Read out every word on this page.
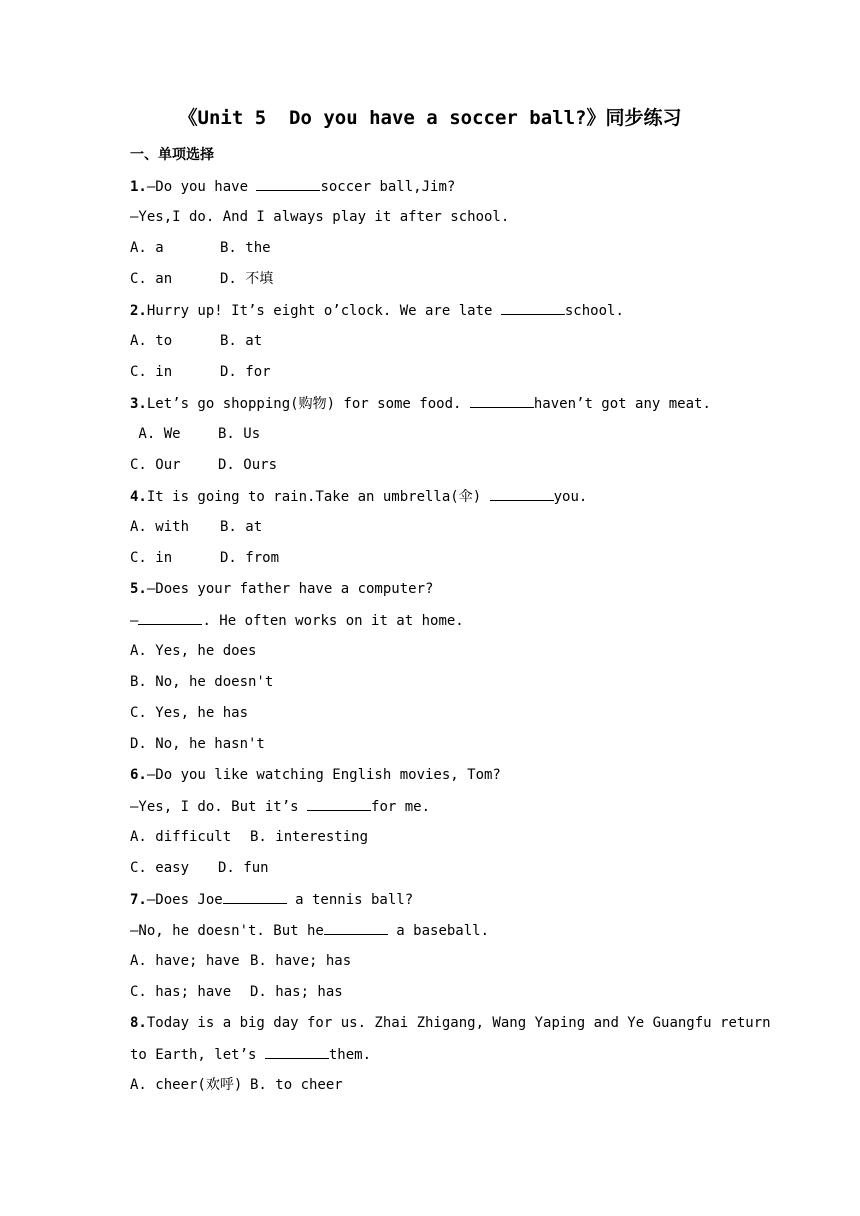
《Unit 5  Do you have a soccer ball?》同步练习
一、单项选择
1.—Do you have	soccer ball,Jim?
—Yes,I do. And I always play it after school.
A. a	B. the
C. an	D. 不填
2.Hurry up! It’s eight o’clock. We are late	school.
A. to	B. at
C. in	D. for
3.Let’s go shopping(购物) for some food.	haven’t got any meat.
A. We	B. Us
C. Our	D. Ours
4.It is going to rain.Take an umbrella(伞)	you.
A. with B. at
C. in	D. from
5.—Does your father have a computer?
—	. He often works on it at home.
A. Yes, he does
B. No, he doesn't
C. Yes, he has
D. No, he hasn't
6.—Do you like watching English movies, Tom?
—Yes, I do. But it’s	for me.
A. difficult B. interesting
C. easy D. fun
7.—Does Joe	a tennis ball?
—No, he doesn't. But he	a baseball.
A. have; have B. have; has
C. has; have D. has; has
8.Today is a big day for us. Zhai Zhigang, Wang Yaping and Ye Guangfu return
to Earth, let’s	them.
A. cheer(欢呼) B. to cheer
